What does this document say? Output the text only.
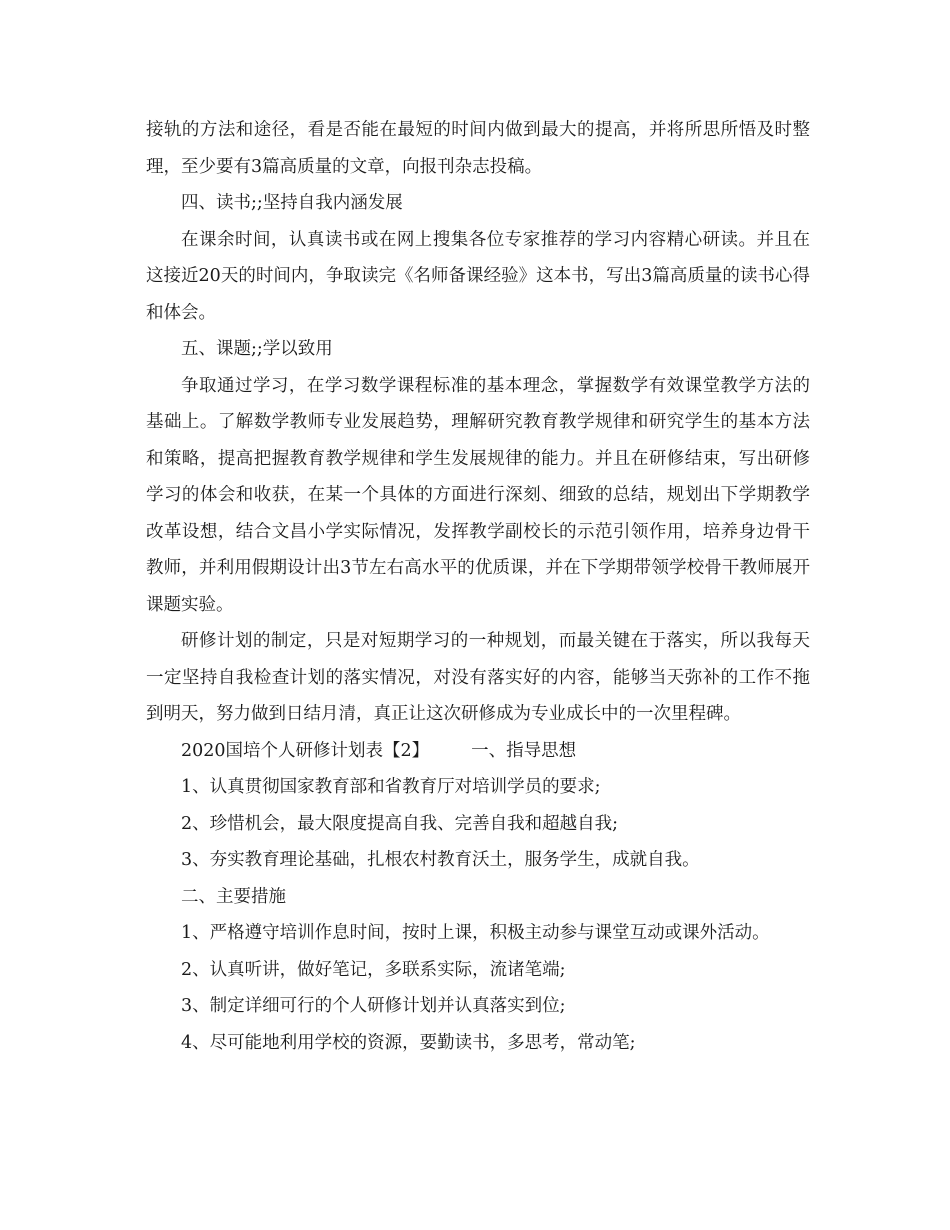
接轨的方法和途径，看是否能在最短的时间内做到最大的提高，并将所思所悟及时整理，至少要有3篇高质量的文章，向报刊杂志投稿。

四、读书;;坚持自我内涵发展

在课余时间，认真读书或在网上搜集各位专家推荐的学习内容精心研读。并且在这接近20天的时间内，争取读完《名师备课经验》这本书，写出3篇高质量的读书心得和体会。

五、课题;;学以致用

争取通过学习，在学习数学课程标准的基本理念，掌握数学有效课堂教学方法的基础上。了解数学教师专业发展趋势，理解研究教育教学规律和研究学生的基本方法和策略，提高把握教育教学规律和学生发展规律的能力。并且在研修结束，写出研修学习的体会和收获，在某一个具体的方面进行深刻、细致的总结，规划出下学期教学改革设想，结合文昌小学实际情况，发挥教学副校长的示范引领作用，培养身边骨干教师，并利用假期设计出3节左右高水平的优质课，并在下学期带领学校骨干教师展开课题实验。

研修计划的制定，只是对短期学习的一种规划，而最关键在于落实，所以我每天一定坚持自我检查计划的落实情况，对没有落实好的内容，能够当天弥补的工作不拖到明天，努力做到日结月清，真正让这次研修成为专业成长中的一次里程碑。

2020国培个人研修计划表【2】 一、指导思想

1、认真贯彻国家教育部和省教育厅对培训学员的要求;

2、珍惜机会，最大限度提高自我、完善自我和超越自我;

3、夯实教育理论基础，扎根农村教育沃土，服务学生，成就自我。

二、主要措施

1、严格遵守培训作息时间，按时上课，积极主动参与课堂互动或课外活动。

2、认真听讲，做好笔记，多联系实际，流诸笔端;

3、制定详细可行的个人研修计划并认真落实到位;

4、尽可能地利用学校的资源，要勤读书，多思考，常动笔;
